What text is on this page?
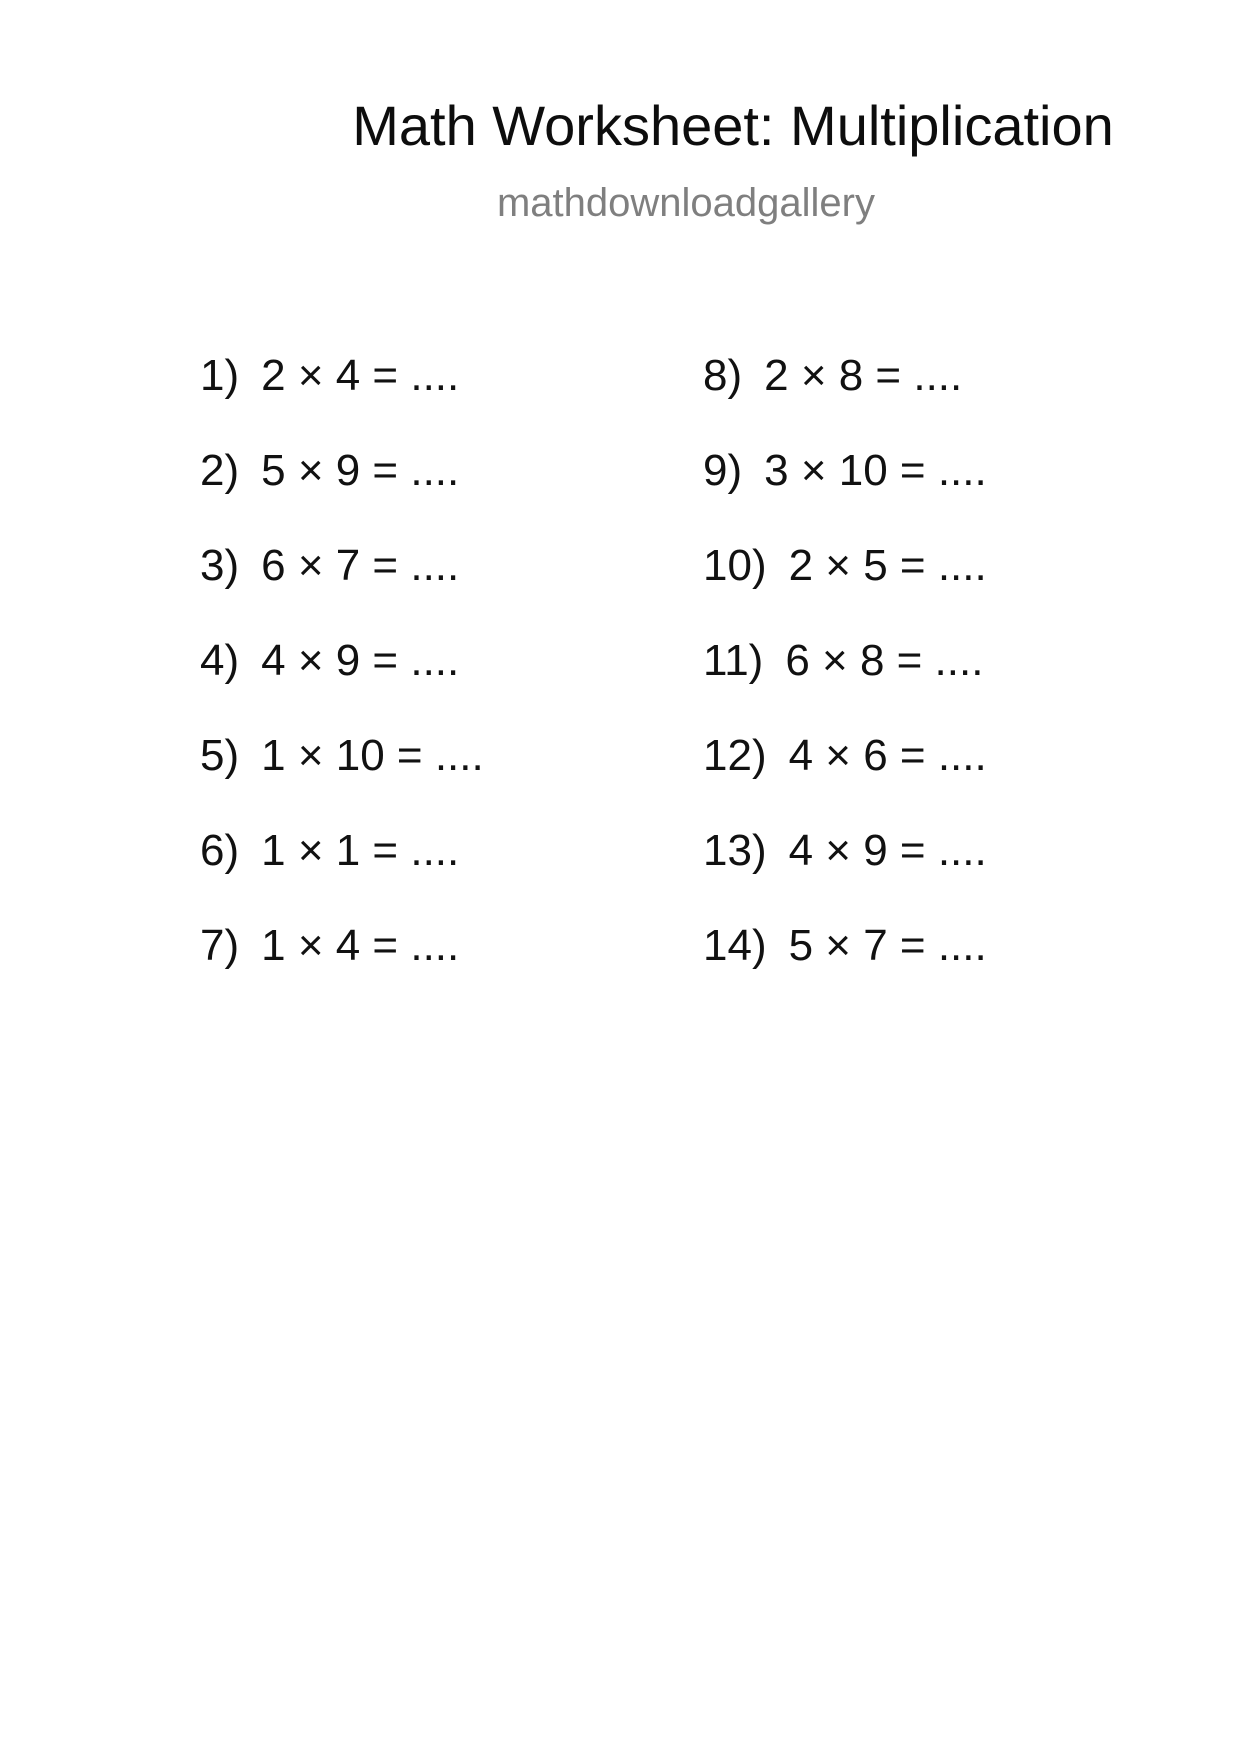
Math Worksheet: Multiplication
mathdownloadgallery
1) 2 × 4 = ....
2) 5 × 9 = ....
3) 6 × 7 = ....
4) 4 × 9 = ....
5) 1 × 10 = ....
6) 1 × 1 = ....
7) 1 × 4 = ....
8) 2 × 8 = ....
9) 3 × 10 = ....
10) 2 × 5 = ....
11) 6 × 8 = ....
12) 4 × 6 = ....
13) 4 × 9 = ....
14) 5 × 7 = ....
